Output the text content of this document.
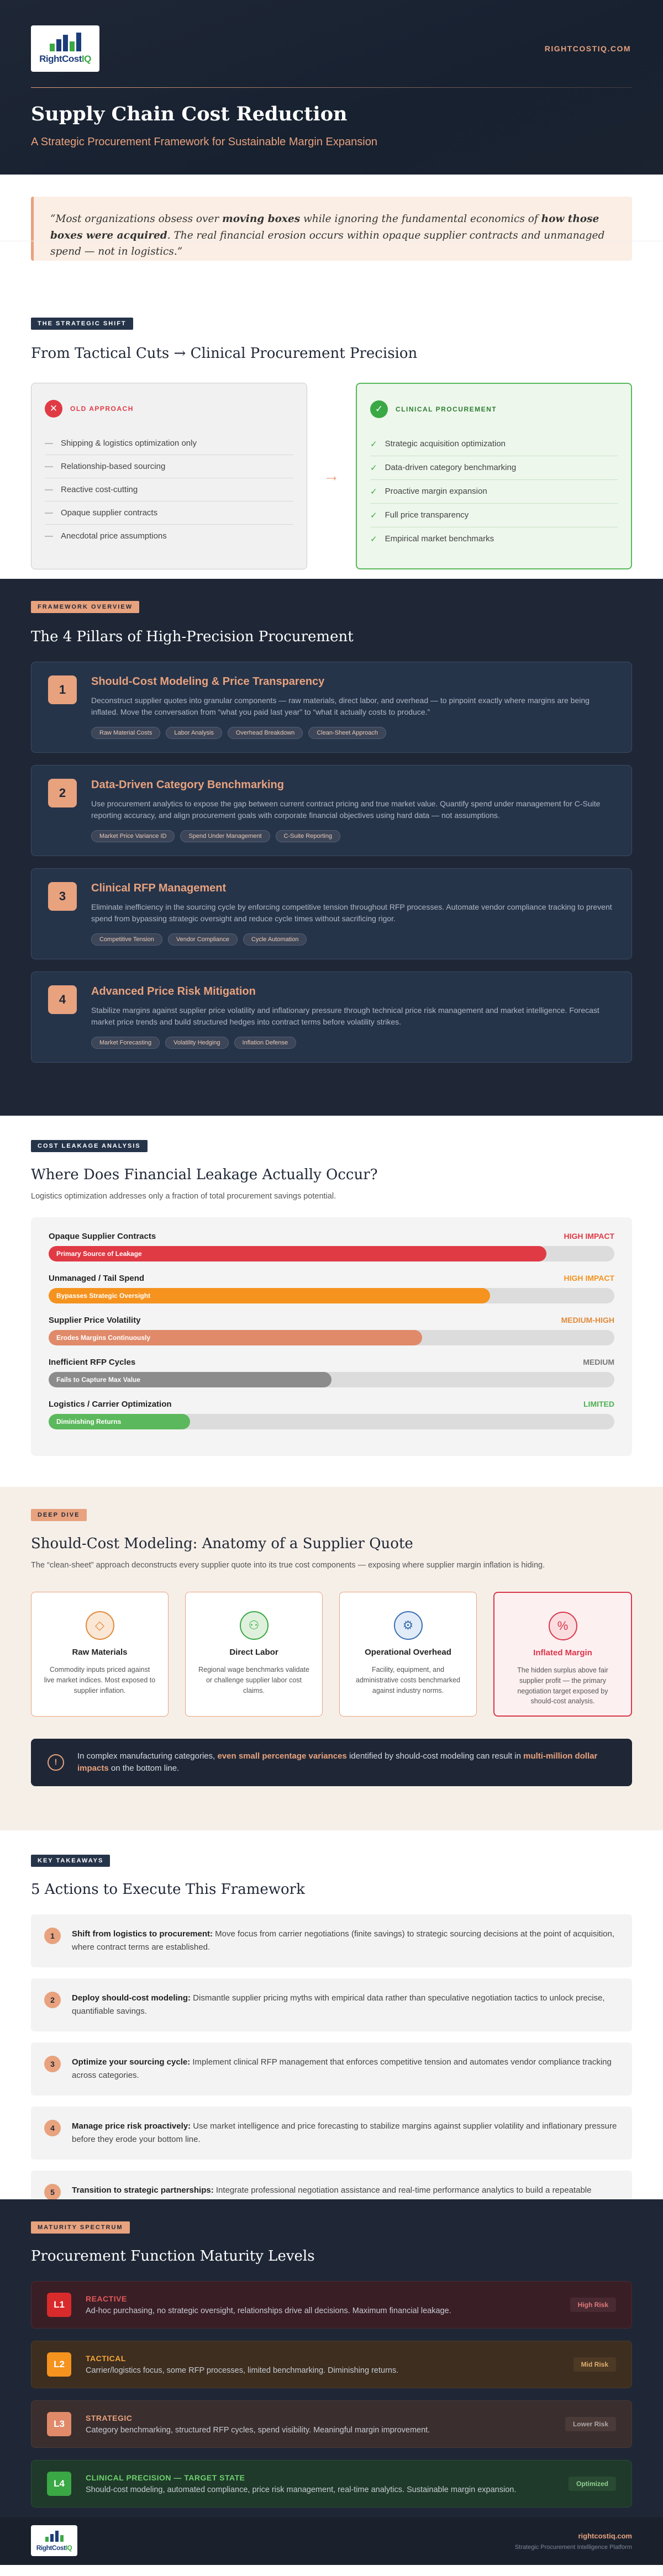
RightCostIQ
RIGHTCOSTIQ.COM
Supply Chain Cost Reduction
A Strategic Procurement Framework for Sustainable Margin Expansion
“Most organizations obsess over moving boxes while ignoring the fundamental economics of how those boxes were acquired. The real financial erosion occurs within opaque supplier contracts and unmanaged spend — not in logistics.”
THE STRATEGIC SHIFT
From Tactical Cuts → Clinical Procurement Precision
✕	OLD APPROACH
— Shipping & logistics optimization only
— Relationship-based sourcing
— Reactive cost-cutting
— Opaque supplier contracts
— Anecdotal price assumptions
→
✓	CLINICAL PROCUREMENT
✓ Strategic acquisition optimization
✓ Data-driven category benchmarking
✓ Proactive margin expansion
✓ Full price transparency
✓ Empirical market benchmarks
FRAMEWORK OVERVIEW
The 4 Pillars of High-Precision Procurement
1
Should-Cost Modeling & Price Transparency

Deconstruct supplier quotes into granular components — raw materials, direct labor, and overhead — to pinpoint exactly where margins are being inflated. Move the conversation from “what you paid last year” to “what it actually costs to produce.”

Raw Material Costs	Labor Analysis	Overhead Breakdown	Clean-Sheet Approach
2
Data-Driven Category Benchmarking

Use procurement analytics to expose the gap between current contract pricing and true market value. Quantify spend under management for C-Suite reporting accuracy, and align procurement goals with corporate financial objectives using hard data — not assumptions.

Market Price Variance ID	Spend Under Management	C-Suite Reporting
3
Clinical RFP Management

Eliminate inefficiency in the sourcing cycle by enforcing competitive tension throughout RFP processes. Automate vendor compliance tracking to prevent spend from bypassing strategic oversight and reduce cycle times without sacrificing rigor.

Competitive Tension	Vendor Compliance	Cycle Automation
4
Advanced Price Risk Mitigation

Stabilize margins against supplier price volatility and inflationary pressure through technical price risk management and market intelligence. Forecast market price trends and build structured hedges into contract terms before volatility strikes.

Market Forecasting	Volatility Hedging	Inflation Defense
COST LEAKAGE ANALYSIS
Where Does Financial Leakage Actually Occur?
Logistics optimization addresses only a fraction of total procurement savings potential.
Opaque Supplier Contracts	HIGH IMPACT
Primary Source of Leakage
Unmanaged / Tail Spend	HIGH IMPACT
Bypasses Strategic Oversight
Supplier Price Volatility	MEDIUM-HIGH
Erodes Margins Continuously
Inefficient RFP Cycles	MEDIUM
Fails to Capture Max Value
Logistics / Carrier Optimization	LIMITED
Diminishing Returns
DEEP DIVE
Should-Cost Modeling: Anatomy of a Supplier Quote
The “clean-sheet” approach deconstructs every supplier quote into its true cost components — exposing where supplier margin inflation is hiding.
◇
Raw Materials

Commodity inputs priced against live market indices. Most exposed to supplier inflation.

⚇
Direct Labor

Regional wage benchmarks validate or challenge supplier labor cost claims.

⚙
Operational Overhead

Facility, equipment, and administrative costs benchmarked against industry norms.

%
Inflated Margin

The hidden surplus above fair supplier profit — the primary negotiation target exposed by should-cost analysis.

!
In complex manufacturing categories, even small percentage variances identified by should-cost modeling can result in multi-million dollar impacts on the bottom line.
KEY TAKEAWAYS
5 Actions to Execute This Framework
1	Shift from logistics to procurement: Move focus from carrier negotiations (finite savings) to strategic sourcing decisions at the point of acquisition, where contract terms are established.

2	Deploy should-cost modeling: Dismantle supplier pricing myths with empirical data rather than speculative negotiation tactics to unlock precise, quantifiable savings.

3	Optimize your sourcing cycle: Implement clinical RFP management that enforces competitive tension and automates vendor compliance tracking across categories.

4	Manage price risk proactively: Use market intelligence and price forecasting to stabilize margins against supplier volatility and inflationary pressure before they erode your bottom line.

5	Transition to strategic partnerships: Integrate professional negotiation assistance and real-time performance analytics to build a repeatable

MATURITY SPECTRUM
Procurement Function Maturity Levels
L1
REACTIVE
Ad-hoc purchasing, no strategic oversight, relationships drive all decisions. Maximum financial leakage.
High Risk
L2
TACTICAL
Carrier/logistics focus, some RFP processes, limited benchmarking. Diminishing returns.
Mid Risk
L3
STRATEGIC
Category benchmarking, structured RFP cycles, spend visibility. Meaningful margin improvement.
Lower Risk
L4
CLINICAL PRECISION — TARGET STATE
Should-cost modeling, automated compliance, price risk management, real-time analytics. Sustainable margin expansion.
Optimized
RightCostIQ
rightcostiq.com
Strategic Procurement Intelligence Platform
